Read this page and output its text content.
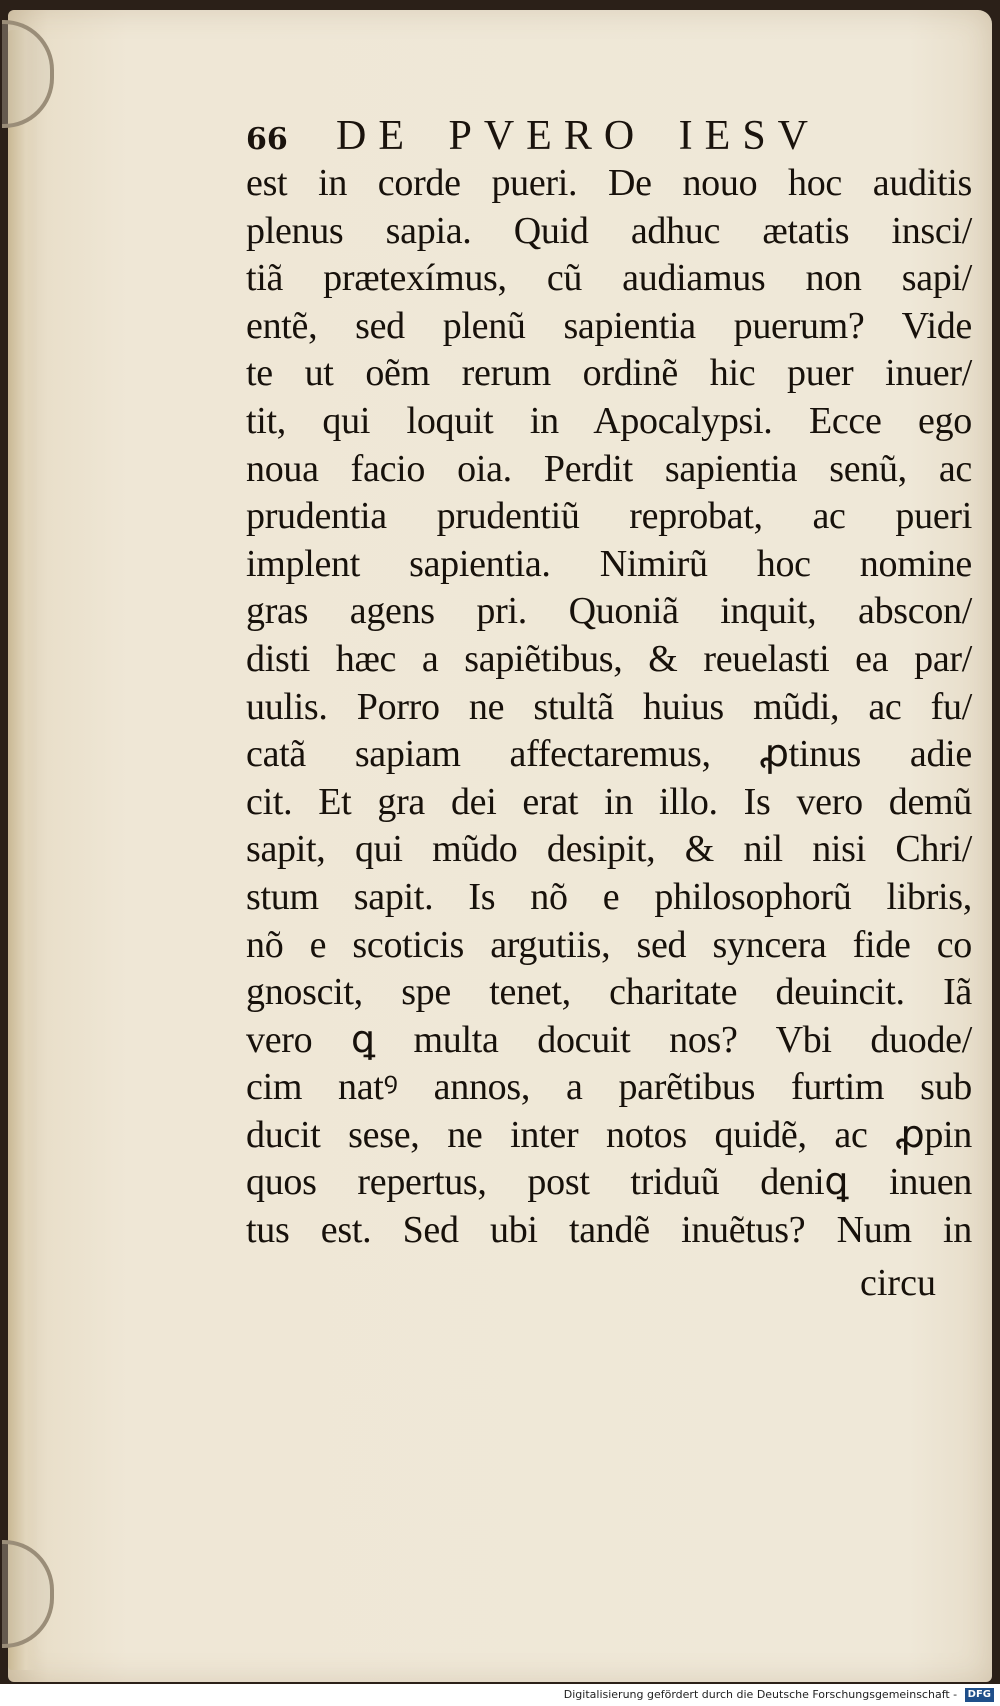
66	DE PVERO IESV
est in corde pueri. De nouo hoc auditis
plenus sapia. Quid adhuc ætatis insci/
tiã prætexímus, cũ audiamus non sapi/
entẽ, sed plenũ sapientia puerum? Vide
te ut oẽm rerum ordinẽ hic puer inuer/
tit, qui loquit in Apocalypsi. Ecce ego
noua facio oia. Perdit sapientia senũ, ac
prudentia prudentiũ reprobat, ac pueri
implent sapientia. Nimirũ hoc nomine
gras agens pri. Quoniã inquit, abscon/
disti hæc a sapiẽtibus, & reuelasti ea par/
uulis. Porro ne stultã huius mũdi, ac fu/
catã sapiam affectaremus, ꝓtinus adie
cit. Et gra dei erat in illo. Is vero demũ
sapit, qui mũdo desipit, & nil nisi Chri/
stum sapit. Is nõ e philosophorũ libris,
nõ e scoticis argutiis, sed syncera fide co
gnoscit, spe tenet, charitate deuincit. Iã
vero ꝗ multa docuit nos? Vbi duode/
cim natꝰ annos, a parẽtibus furtim sub
ducit sese, ne inter notos quidẽ, ac ꝓpin
quos repertus, post triduũ deniꝗ inuen
tus est. Sed ubi tandẽ inuẽtus? Num in
circu
Digitalisierung gefördert durch die Deutsche Forschungsgemeinschaft - DFG
